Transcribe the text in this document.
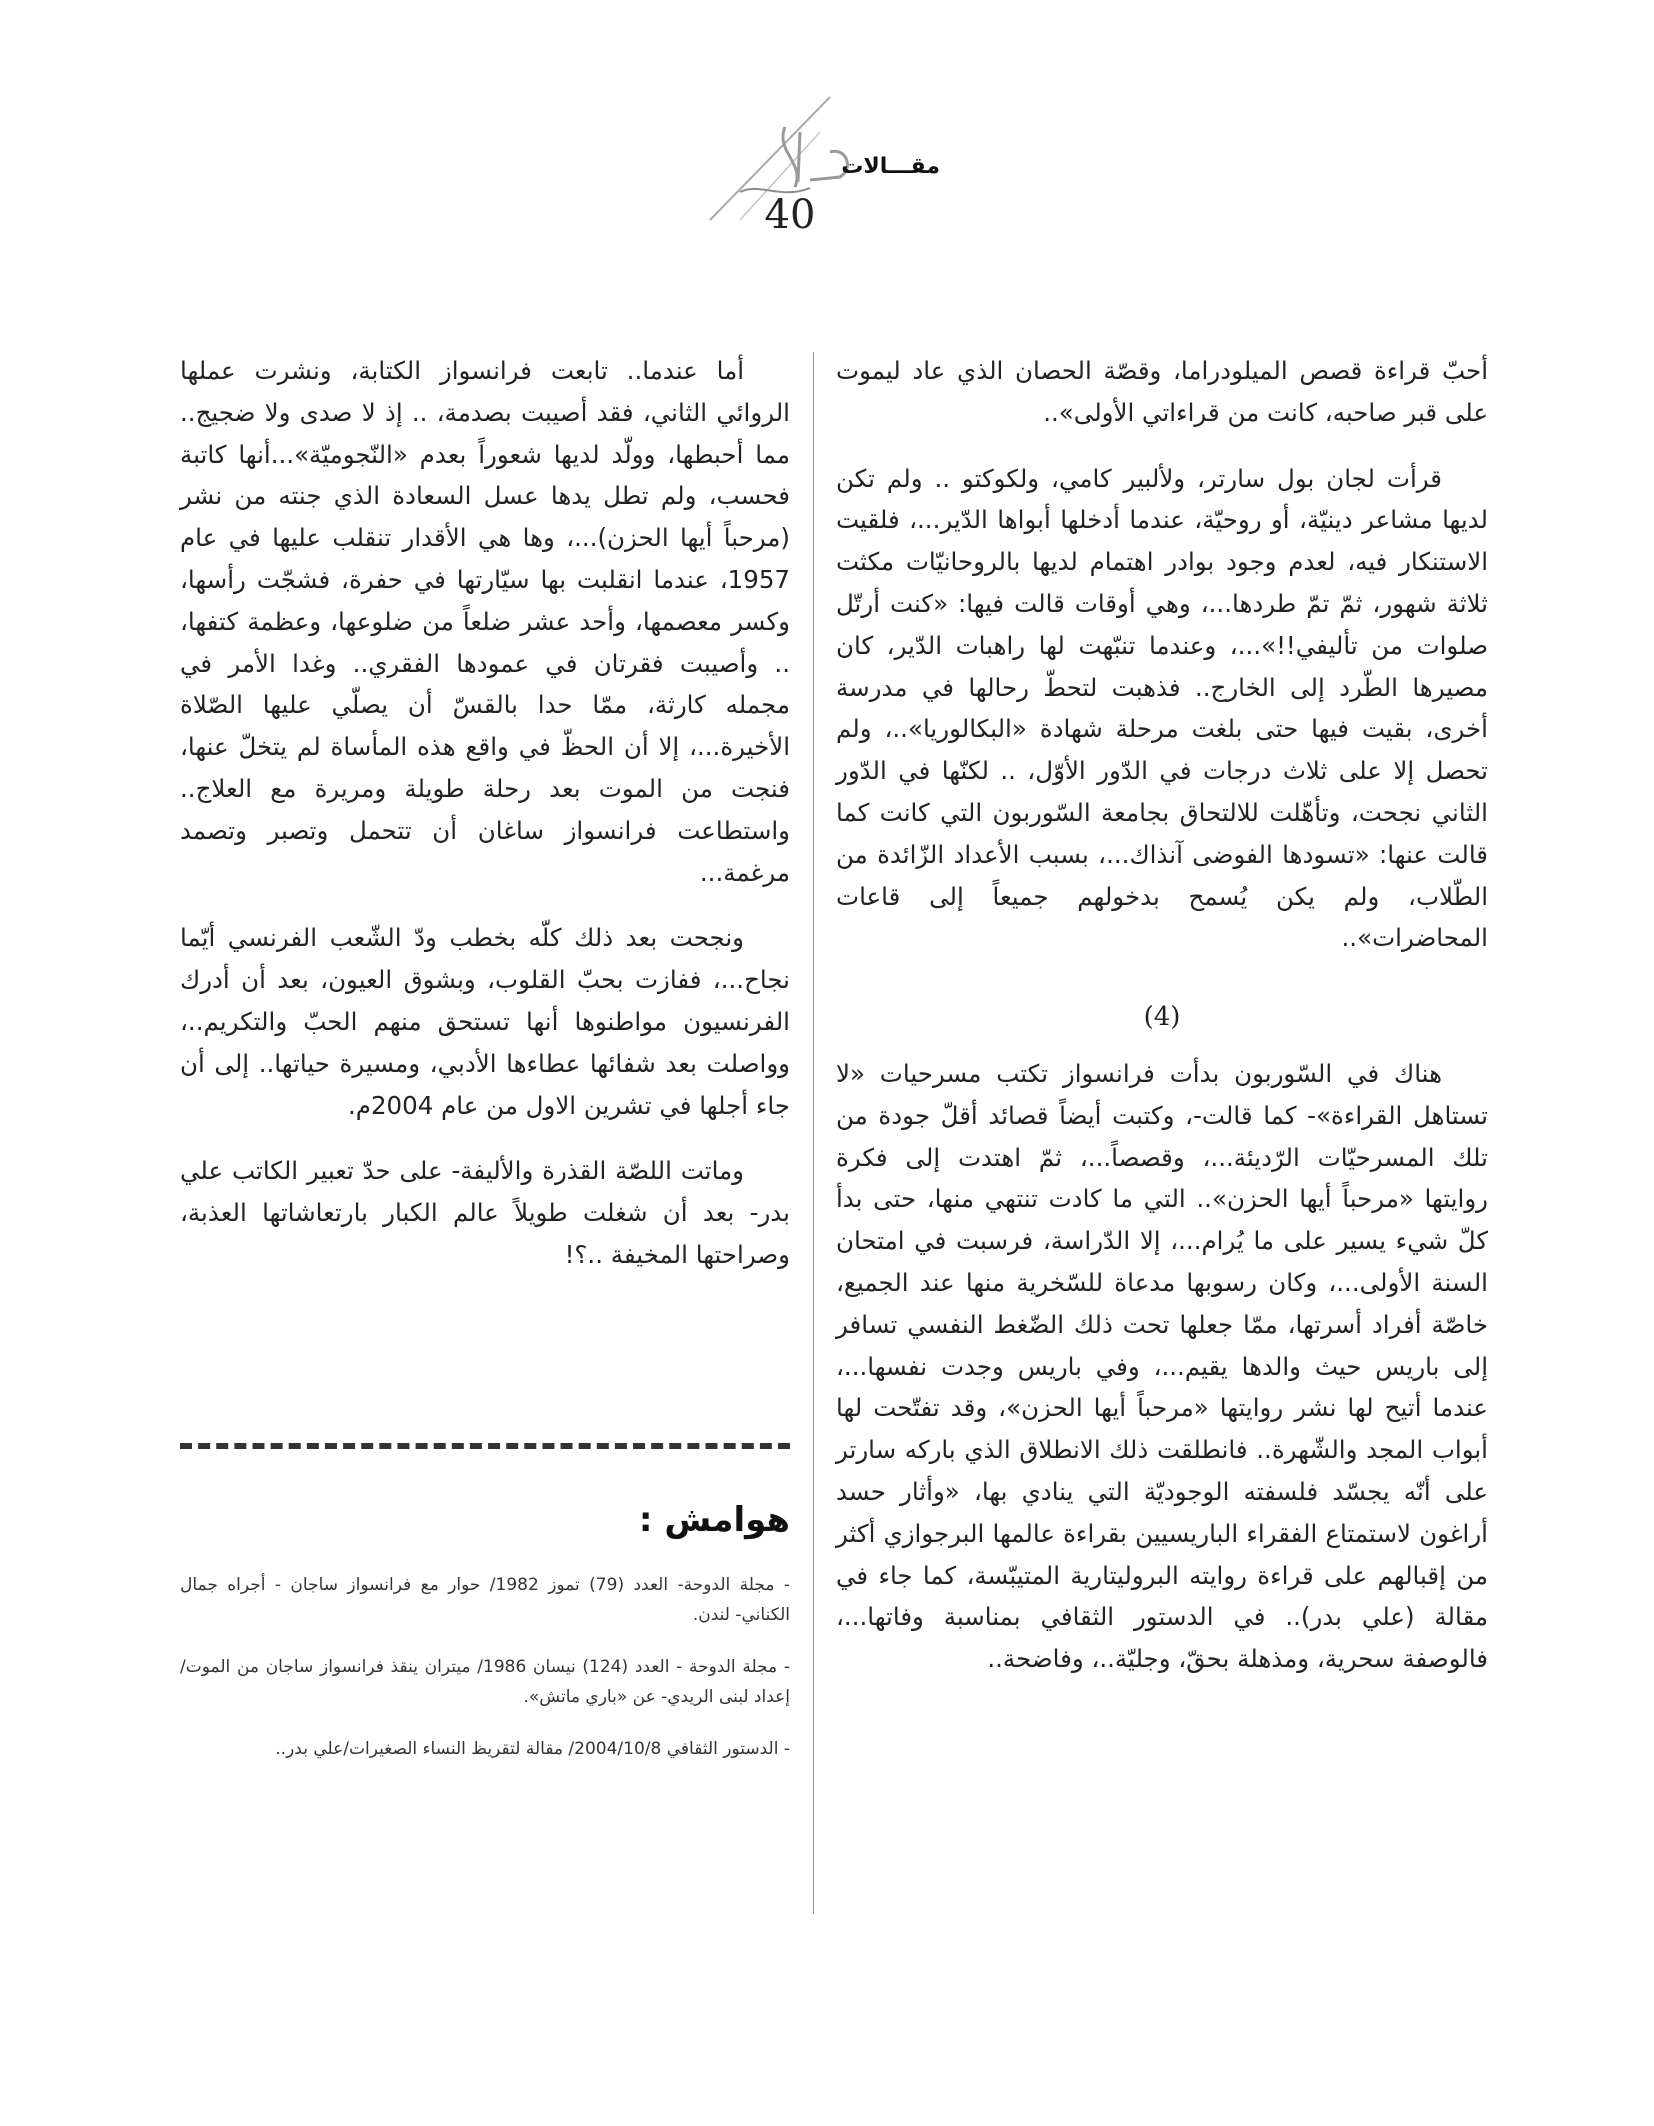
مقـــالات
40

أحبّ قراءة قصص الميلودراما، وقصّة الحصان الذي عاد ليموت على قبر صاحبه، كانت من قراءاتي الأولى»..

قرأت لجان بول سارتر، ولألبير كامي، ولكوكتو .. ولم تكن لديها مشاعر دينيّة، أو روحيّة، عندما أدخلها أبواها الدّير...، فلقيت الاستنكار فيه، لعدم وجود بوادر اهتمام لديها بالروحانيّات مكثت ثلاثة شهور، ثمّ تمّ طردها...، وهي أوقات قالت فيها: «كنت أرتّل صلوات من تأليفي!!»...، وعندما تنبّهت لها راهبات الدّير، كان مصيرها الطّرد إلى الخارج.. فذهبت لتحطّ رحالها في مدرسة أخرى، بقيت فيها حتى بلغت مرحلة شهادة «البكالوريا»..، ولم تحصل إلا على ثلاث درجات في الدّور الأوّل، .. لكنّها في الدّور الثاني نجحت، وتأهّلت للالتحاق بجامعة السّوربون التي كانت كما قالت عنها: «تسودها الفوضى آنذاك...، بسبب الأعداد الزّائدة من الطّلاب، ولم يكن يُسمح بدخولهم جميعاً إلى قاعات المحاضرات»..

(4)

هناك في السّوربون بدأت فرانسواز تكتب مسرحيات «لا تستاهل القراءة»- كما قالت-، وكتبت أيضاً قصائد أقلّ جودة من تلك المسرحيّات الرّديئة...، وقصصاً...، ثمّ اهتدت إلى فكرة روايتها «مرحباً أيها الحزن».. التي ما كادت تنتهي منها، حتى بدأ كلّ شيء يسير على ما يُرام...، إلا الدّراسة، فرسبت في امتحان السنة الأولى...، وكان رسوبها مدعاة للسّخرية منها عند الجميع، خاصّة أفراد أسرتها، ممّا جعلها تحت ذلك الضّغط النفسي تسافر إلى باريس حيث والدها يقيم...، وفي باريس وجدت نفسها...، عندما أتيح لها نشر روايتها «مرحباً أيها الحزن»، وقد تفتّحت لها أبواب المجد والشّهرة.. فانطلقت ذلك الانطلاق الذي باركه سارتر على أنّه يجسّد فلسفته الوجوديّة التي ينادي بها، «وأثار حسد أراغون لاستمتاع الفقراء الباريسيين بقراءة عالمها البرجوازي أكثر من إقبالهم على قراءة روايته البروليتارية المتيبّسة، كما جاء في مقالة (علي بدر).. في الدستور الثقافي بمناسبة وفاتها...، فالوصفة سحرية، ومذهلة بحقّ، وجليّة..، وفاضحة..

أما عندما.. تابعت فرانسواز الكتابة، ونشرت عملها الروائي الثاني، فقد أصيبت بصدمة، .. إذ لا صدى ولا ضجيج.. مما أحبطها، وولّد لديها شعوراً بعدم «النّجوميّة»...أنها كاتبة فحسب، ولم تطل يدها عسل السعادة الذي جنته من نشر (مرحباً أيها الحزن)...، وها هي الأقدار تنقلب عليها في عام 1957، عندما انقلبت بها سيّارتها في حفرة، فشجّت رأسها، وكسر معصمها، وأحد عشر ضلعاً من ضلوعها، وعظمة كتفها، .. وأصيبت فقرتان في عمودها الفقري.. وغدا الأمر في مجمله كارثة، ممّا حدا بالقسّ أن يصلّي عليها الصّلاة الأخيرة...، إلا أن الحظّ في واقع هذه المأساة لم يتخلّ عنها، فنجت من الموت بعد رحلة طويلة ومريرة مع العلاج.. واستطاعت فرانسواز ساغان أن تتحمل وتصبر وتصمد مرغمة...

ونجحت بعد ذلك كلّه بخطب ودّ الشّعب الفرنسي أيّما نجاح...، ففازت بحبّ القلوب، وبشوق العيون، بعد أن أدرك الفرنسيون مواطنوها أنها تستحق منهم الحبّ والتكريم..، وواصلت بعد شفائها عطاءها الأدبي، ومسيرة حياتها.. إلى أن جاء أجلها في تشرين الاول من عام 2004م.

وماتت اللصّة القذرة والأليفة- على حدّ تعبير الكاتب علي بدر- بعد أن شغلت طويلاً عالم الكبار بارتعاشاتها العذبة، وصراحتها المخيفة ..؟!

هوامش :
- مجلة الدوحة- العدد (79) تموز 1982/ حوار مع فرانسواز ساجان - أجراه جمال الكناني- لندن.
- مجلة الدوحة - العدد (124) نيسان 1986/ ميتران ينقذ فرانسواز ساجان من الموت/ إعداد لبنى الريدي- عن «باري ماتش».
- الدستور الثقافي 2004/10/8/ مقالة لتقريظ النساء الصغيرات/علي بدر..
